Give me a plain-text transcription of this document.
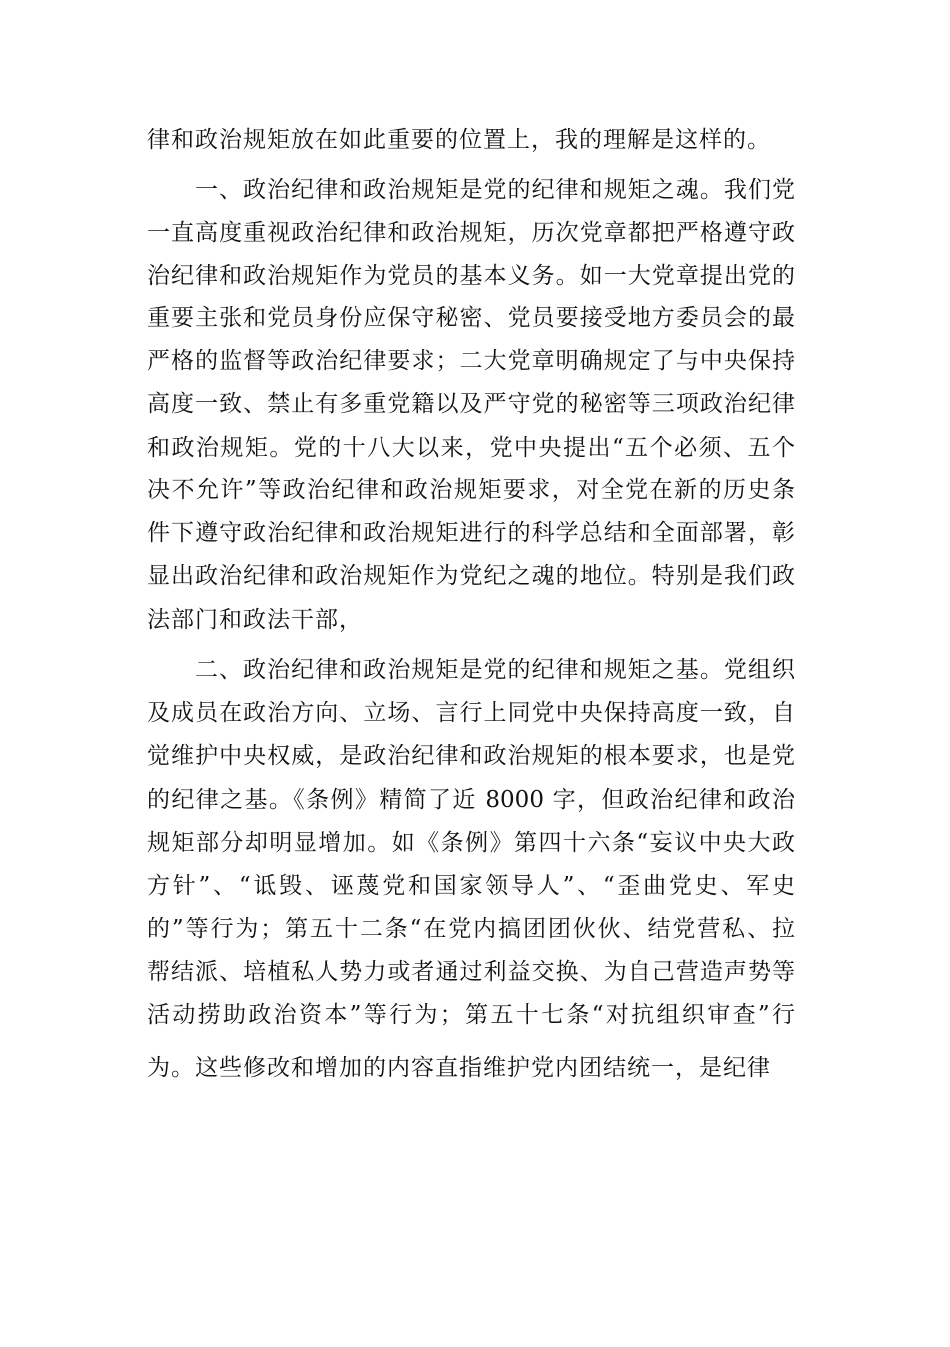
律和政治规矩放在如此重要的位置上，我的理解是这样的。
一、政治纪律和政治规矩是党的纪律和规矩之魂。我们党
一直高度重视政治纪律和政治规矩，历次党章都把严格遵守政
治纪律和政治规矩作为党员的基本义务。如一大党章提出党的
重要主张和党员身份应保守秘密、党员要接受地方委员会的最
严格的监督等政治纪律要求；二大党章明确规定了与中央保持
高度一致、禁止有多重党籍以及严守党的秘密等三项政治纪律
和政治规矩。党的十八大以来，党中央提出“五个必须、五个
决不允许”等政治纪律和政治规矩要求，对全党在新的历史条
件下遵守政治纪律和政治规矩进行的科学总结和全面部署，彰
显出政治纪律和政治规矩作为党纪之魂的地位。特别是我们政
法部门和政法干部，
二、政治纪律和政治规矩是党的纪律和规矩之基。党组织
及成员在政治方向、立场、言行上同党中央保持高度一致，自
觉维护中央权威，是政治纪律和政治规矩的根本要求，也是党
的纪律之基。《条例》精简了近 8000 字，但政治纪律和政治
规矩部分却明显增加。如《条例》第四十六条“妄议中央大政
方针”、“诋毁、诬蔑党和国家领导人”、“歪曲党史、军史
的”等行为；第五十二条“在党内搞团团伙伙、结党营私、拉
帮结派、培植私人势力或者通过利益交换、为自己营造声势等
活动捞助政治资本”等行为；第五十七条“对抗组织审查”行
为。这些修改和增加的内容直指维护党内团结统一，是纪律
